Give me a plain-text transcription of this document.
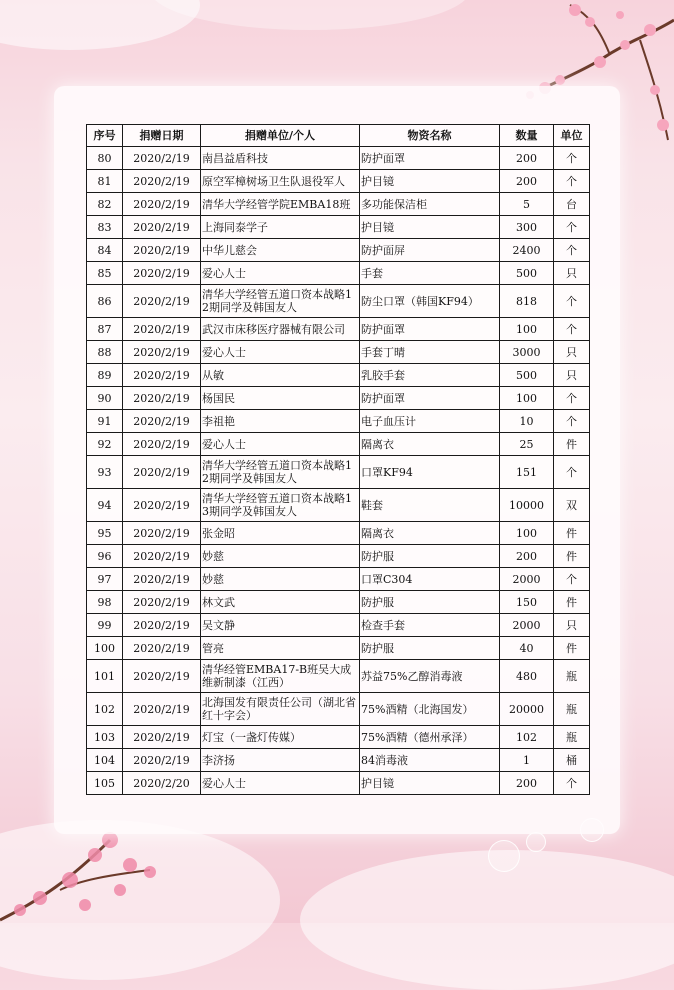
序号	捐赠日期	捐赠单位/个人	物资名称	数量	单位
80	2020/2/19	南昌益盾科技	防护面罩	200	个
81	2020/2/19	原空军樟树场卫生队退役军人	护目镜	200	个
82	2020/2/19	清华大学经管学院EMBA18班	多功能保洁柜	5	台
83	2020/2/19	上海同泰学子	护目镜	300	个
84	2020/2/19	中华儿慈会	防护面屏	2400	个
85	2020/2/19	爱心人士	手套	500	只
86	2020/2/19	清华大学经管五道口资本战略12期同学及韩国友人	防尘口罩（韩国KF94）	818	个
87	2020/2/19	武汉市床移医疗器械有限公司	防护面罩	100	个
88	2020/2/19	爱心人士	手套丁晴	3000	只
89	2020/2/19	从敏	乳胶手套	500	只
90	2020/2/19	杨国民	防护面罩	100	个
91	2020/2/19	李祖艳	电子血压计	10	个
92	2020/2/19	爱心人士	隔离衣	25	件
93	2020/2/19	清华大学经管五道口资本战略12期同学及韩国友人	口罩KF94	151	个
94	2020/2/19	清华大学经管五道口资本战略13期同学及韩国友人	鞋套	10000	双
95	2020/2/19	张金昭	隔离衣	100	件
96	2020/2/19	妙慈	防护服	200	件
97	2020/2/19	妙慈	口罩C304	2000	个
98	2020/2/19	林文武	防护服	150	件
99	2020/2/19	吴文静	检查手套	2000	只
100	2020/2/19	管亮	防护服	40	件
101	2020/2/19	清华经管EMBA17-B班吴大成维新制漆（江西）	苏益75%乙醇消毒液	480	瓶
102	2020/2/19	北海国发有限责任公司（湖北省红十字会）	75%酒精（北海国发）	20000	瓶
103	2020/2/19	灯宝（一盏灯传媒）	75%酒精（德州承泽）	102	瓶
104	2020/2/19	李济扬	84消毒液	1	桶
105	2020/2/20	爱心人士	护目镜	200	个
